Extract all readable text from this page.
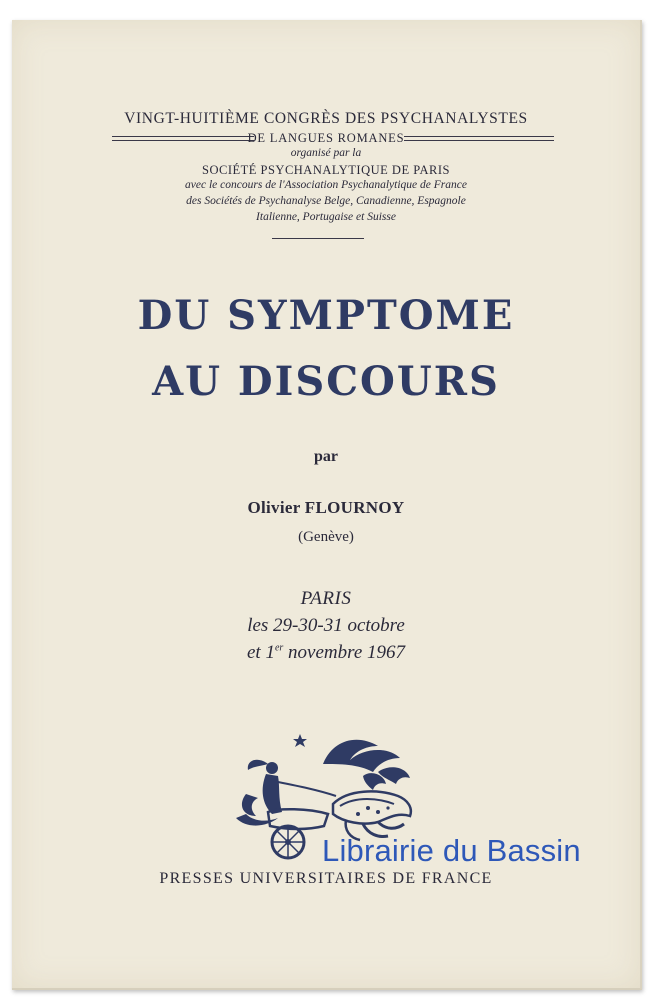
VINGT-HUITIÈME CONGRÈS DES PSYCHANALYSTES
DE LANGUES ROMANES
organisé par la
SOCIÉTÉ PSYCHANALYTIQUE DE PARIS
avec le concours de l'Association Psychanalytique de France
des Sociétés de Psychanalyse Belge, Canadienne, Espagnole
Italienne, Portugaise et Suisse
DU SYMPTOME
AU DISCOURS
par
Olivier FLOURNOY
(Genève)
PARIS
les 29-30-31 octobre
et 1er novembre 1967
PRESSES UNIVERSITAIRES DE FRANCE
Librairie du Bassin
